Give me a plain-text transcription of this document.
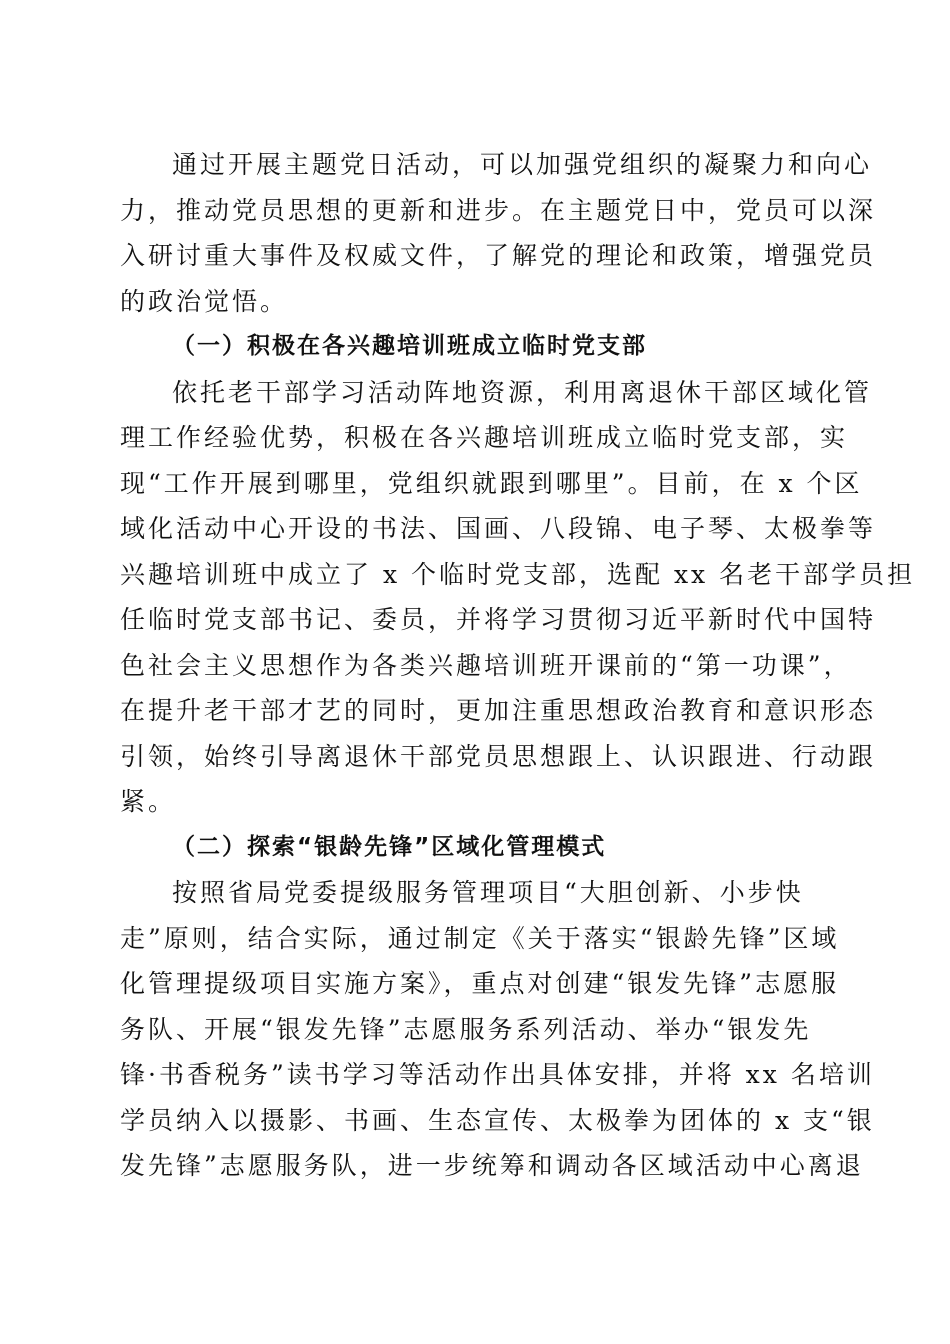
通过开展主题党日活动，可以加强党组织的凝聚力和向心
力，推动党员思想的更新和进步。在主题党日中，党员可以深
入研讨重大事件及权威文件，了解党的理论和政策，增强党员
的政治觉悟。

（一）积极在各兴趣培训班成立临时党支部

依托老干部学习活动阵地资源，利用离退休干部区域化管
理工作经验优势，积极在各兴趣培训班成立临时党支部，实
现“工作开展到哪里，党组织就跟到哪里”。目前，在 x 个区
域化活动中心开设的书法、国画、八段锦、电子琴、太极拳等
兴趣培训班中成立了 x 个临时党支部，选配 xx 名老干部学员担
任临时党支部书记、委员，并将学习贯彻习近平新时代中国特
色社会主义思想作为各类兴趣培训班开课前的“第一功课”，
在提升老干部才艺的同时，更加注重思想政治教育和意识形态
引领，始终引导离退休干部党员思想跟上、认识跟进、行动跟
紧。

（二）探索“银龄先锋”区域化管理模式

按照省局党委提级服务管理项目“大胆创新、小步快
走”原则，结合实际，通过制定《关于落实“银龄先锋”区域
化管理提级项目实施方案》，重点对创建“银发先锋”志愿服
务队、开展“银发先锋”志愿服务系列活动、举办“银发先
锋·书香税务”读书学习等活动作出具体安排，并将 xx 名培训
学员纳入以摄影、书画、生态宣传、太极拳为团体的 x 支“银
发先锋”志愿服务队，进一步统筹和调动各区域活动中心离退
